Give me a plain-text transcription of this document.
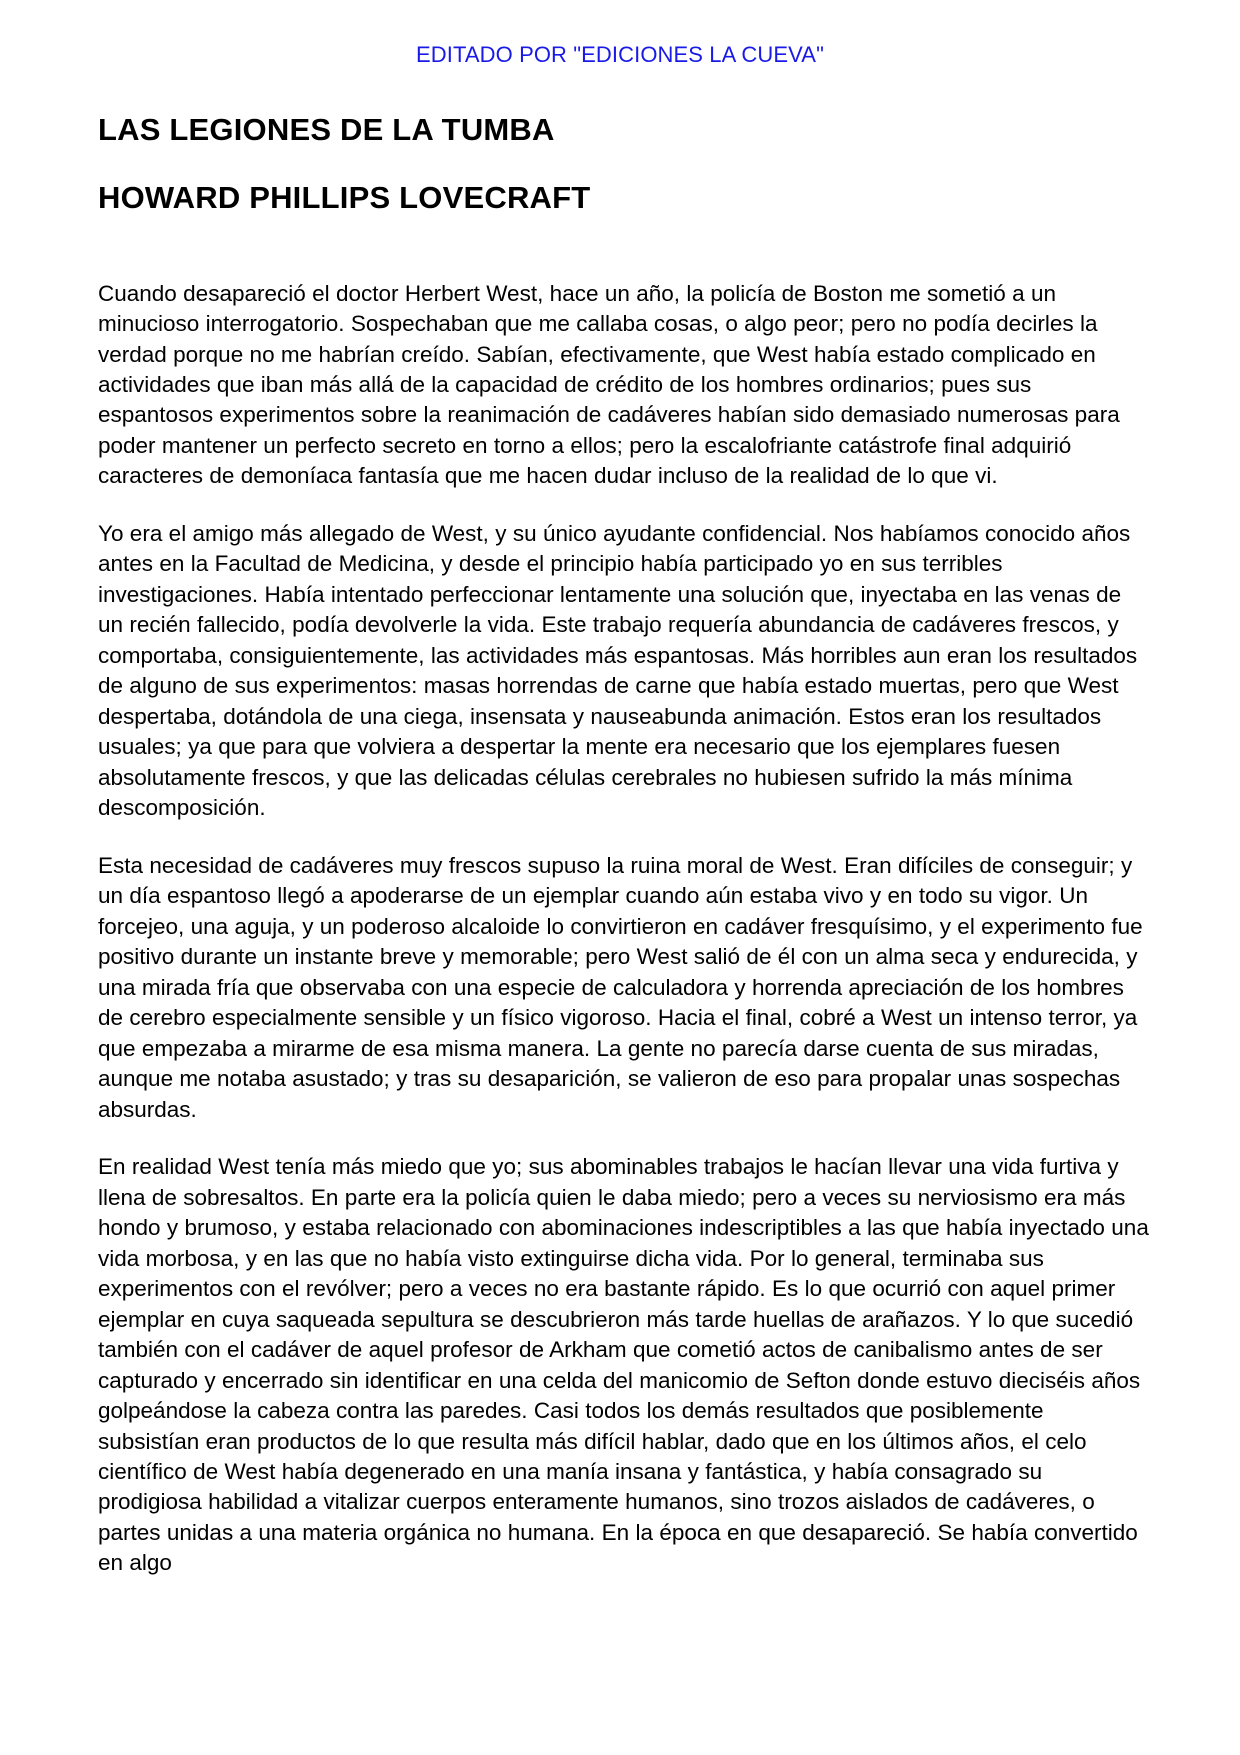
EDITADO POR "EDICIONES LA CUEVA"
LAS LEGIONES DE LA TUMBA
HOWARD PHILLIPS LOVECRAFT

Cuando desapareció el doctor Herbert West, hace un año, la policía de Boston me sometió a un minucioso interrogatorio. Sospechaban que me callaba cosas, o algo peor; pero no podía decirles la verdad porque no me habrían creído. Sabían, efectivamente, que West había estado complicado en actividades que iban más allá de la capacidad de crédito de los hombres ordinarios; pues sus espantosos experimentos sobre la reanimación de cadáveres habían sido demasiado numerosas para poder mantener un perfecto secreto en torno a ellos; pero la escalofriante catástrofe final adquirió caracteres de demoníaca fantasía que me hacen dudar incluso de la realidad de lo que vi.

Yo era el amigo más allegado de West, y su único ayudante confidencial. Nos habíamos conocido años antes en la Facultad de Medicina, y desde el principio había participado yo en sus terribles investigaciones. Había intentado perfeccionar lentamente una solución que, inyectaba en las venas de un recién fallecido, podía devolverle la vida. Este trabajo requería abundancia de cadáveres frescos, y comportaba, consiguientemente, las actividades más espantosas. Más horribles aun eran los resultados de alguno de sus experimentos: masas horrendas de carne que había estado muertas, pero que West despertaba, dotándola de una ciega, insensata y nauseabunda animación. Estos eran los resultados usuales; ya que para que volviera a despertar la mente era necesario que los ejemplares fuesen absolutamente frescos, y que las delicadas células cerebrales no hubiesen sufrido la más mínima descomposición.

Esta necesidad de cadáveres muy frescos supuso la ruina moral de West. Eran difíciles de conseguir; y un día espantoso llegó a apoderarse de un ejemplar cuando aún estaba vivo y en todo su vigor. Un forcejeo, una aguja, y un poderoso alcaloide lo convirtieron en cadáver fresquísimo, y el experimento fue positivo durante un instante breve y memorable; pero West salió de él con un alma seca y endurecida, y una mirada fría que observaba con una especie de calculadora y horrenda apreciación de los hombres de cerebro especialmente sensible y un físico vigoroso. Hacia el final, cobré a West un intenso terror, ya que empezaba a mirarme de esa misma manera. La gente no parecía darse cuenta de sus miradas, aunque me notaba asustado; y tras su desaparición, se valieron de eso para propalar unas sospechas absurdas.

En realidad West tenía más miedo que yo; sus abominables trabajos le hacían llevar una vida furtiva y llena de sobresaltos. En parte era la policía quien le daba miedo; pero a veces su nerviosismo era más hondo y brumoso, y estaba relacionado con abominaciones indescriptibles a las que había inyectado una vida morbosa, y en las que no había visto extinguirse dicha vida. Por lo general, terminaba sus experimentos con el revólver; pero a veces no era bastante rápido. Es lo que ocurrió con aquel primer ejemplar en cuya saqueada sepultura se descubrieron más tarde huellas de arañazos. Y lo que sucedió también con el cadáver de aquel profesor de Arkham que cometió actos de canibalismo antes de ser capturado y encerrado sin identificar en una celda del manicomio de Sefton donde estuvo dieciséis años golpeándose la cabeza contra las paredes. Casi todos los demás resultados que posiblemente subsistían eran productos de lo que resulta más difícil hablar, dado que en los últimos años, el celo científico de West había degenerado en una manía insana y fantástica, y había consagrado su prodigiosa habilidad a vitalizar cuerpos enteramente humanos, sino trozos aislados de cadáveres, o partes unidas a una materia orgánica no humana. En la época en que desapareció. Se había convertido en algo
